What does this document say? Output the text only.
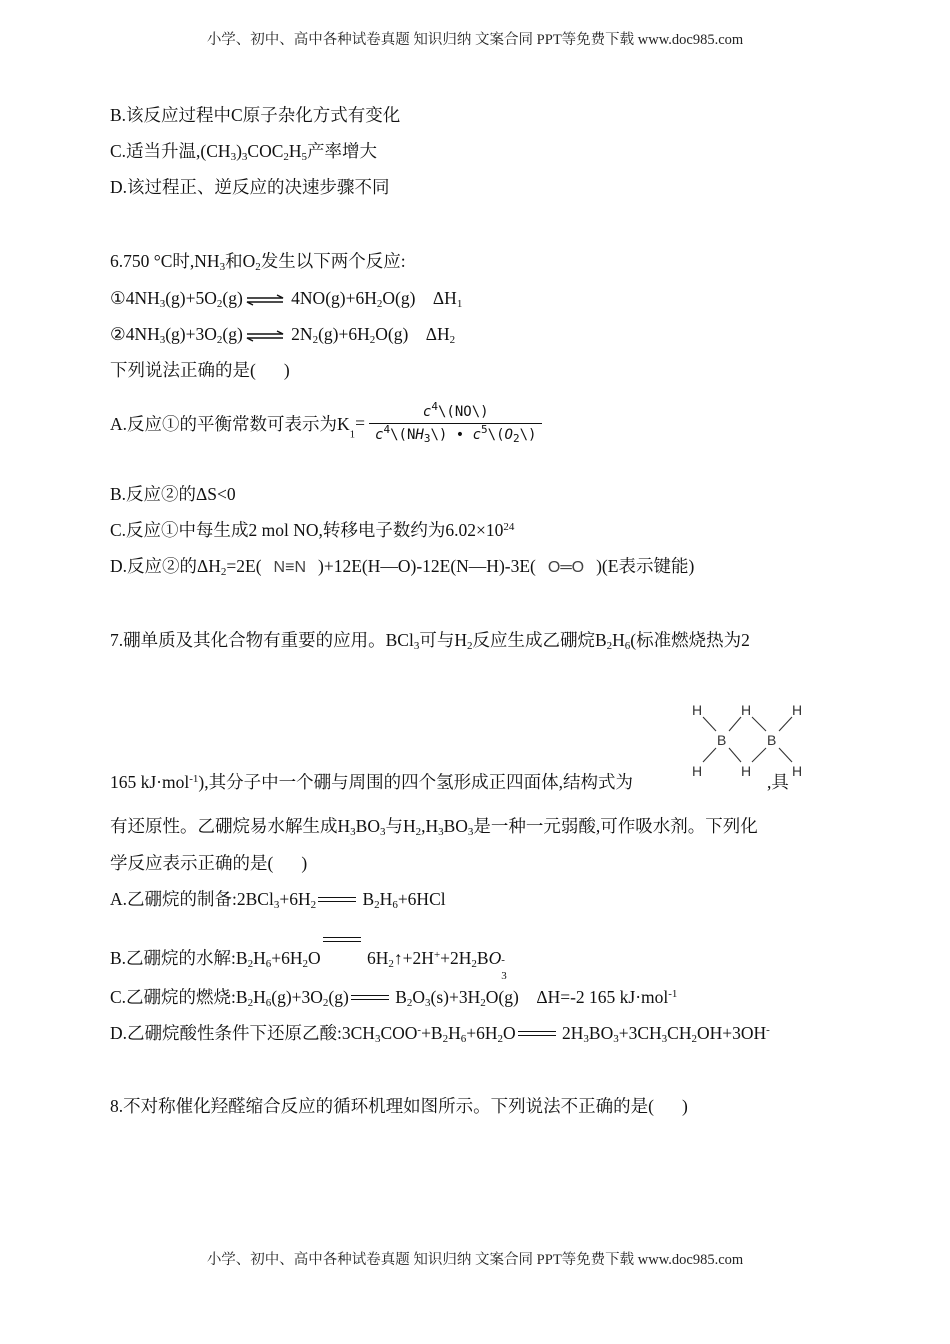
小学、初中、高中各种试卷真题 知识归纳 文案合同 PPT等免费下载 www.doc985.com
B.该反应过程中C原子杂化方式有变化
C.适当升温$,(CH_3)_3COC_2H_5$产率增大
D.该过程正、逆反应的决速步骤不同
6.750 °C时$,NH_3$和$O_2$发生以下两个反应:
$①4NH_3(g)+5O_2(g)$ ⇌ $4NO(g)+6H_2O(g)$    $\Delta H_1$
$②4NH_3(g)+3O_2(g)$ ⇌ $2N_2(g)+6H_2O(g)$    $\Delta H_2$
下列说法正确的是( )
A.反应①的平衡常数可表示为$K_1= \frac{c^4\backslash(NO\backslash)}{c^4\backslash(NH_3\backslash) • c^5\backslash(O_2\backslash)}$
B.反应②的ΔS<0
C.反应①中每生成2 mol NO,转移电子数约为$6.02\times 10^{24}$
D.反应②的$\Delta H_2=2E$( N≡N )+12E(H—O)-12E(N—H)-3E( O═O )(E表示键能)
7.硼单质及其化合物有重要的应用。BCl$_3$可与$H_2$反应生成乙硼烷$B_2H_6$(标准燃烧热为2
H	H	H
B	B
H	H	H
165 kJ·mol$^{-1}$),其分子中一个硼与周围的四个氢形成正四面体,结构式为	,具
有还原性。乙硼烷易水解生成$H_3BO_3$与$H_2,H_3BO_3$是一种一元弱酸,可作吸水剂。下列化
学反应表示正确的是( )
A.乙硼烷的制备$:2BCl_3+6H_2$ $B_2H_6+6HCl$
B.乙硼烷的水解$:B_2H_6+6H_2O$ $6H_2↑+2H^++2H_2BO$ -
3
C.乙硼烷的燃烧$:B_2H_6(g)+3O_2(g)$ $B_2O_3(s)+3H_2O(g)$    ΔH=-2 165 kJ·mol$^{-1}$
D.乙硼烷酸性条件下还原乙酸$:3CH_3COO^-+B_2H_6+6H_2O$ $2H_3BO_3+3CH_3CH_2OH+3OH^-$
8.不对称催化羟醛缩合反应的循环机理如图所示。下列说法不正确的是( )
小学、初中、高中各种试卷真题 知识归纳 文案合同 PPT等免费下载 www.doc985.com
